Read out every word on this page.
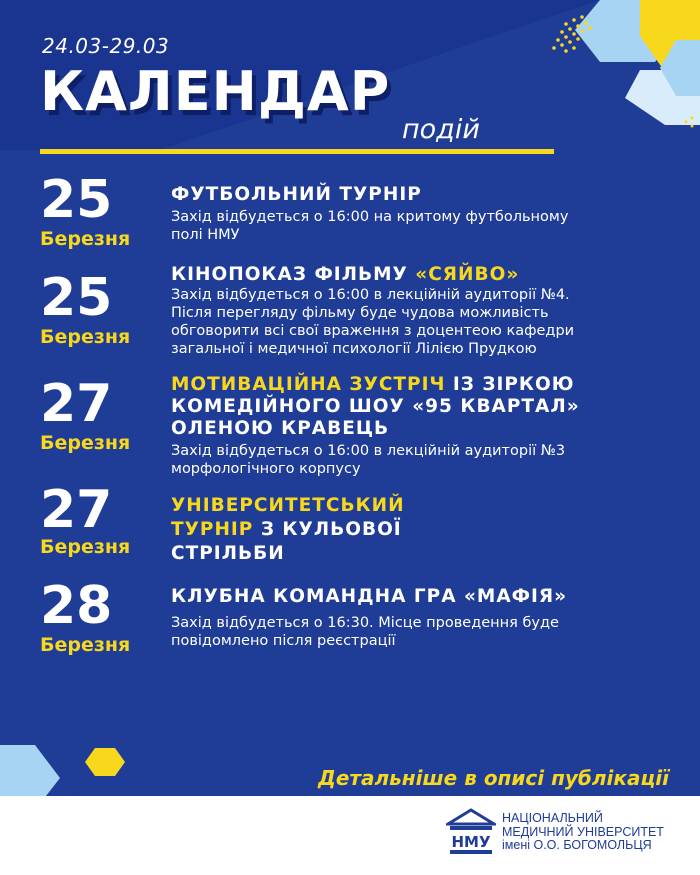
24.03-29.03
КАЛЕНДАР
подій
25
Березня
ФУТБОЛЬНИЙ ТУРНІР
Захід відбудеться о 16:00 на критому футбольному полі НМУ
25
Березня
КІНОПОКАЗ ФІЛЬМУ «СЯЙВО»
Захід відбудеться о 16:00 в лекційній аудиторії №4. Після перегляду фільму буде чудова можливість обговорити всі свої враження з доцентеою кафедри загальної і медичної психології Лілією Прудкою
27
Березня
МОТИВАЦІЙНА ЗУСТРІЧ ІЗ ЗІРКОЮ КОМЕДІЙНОГО ШОУ «95 КВАРТАЛ» ОЛЕНОЮ КРАВЕЦЬ
Захід відбудеться о 16:00 в лекційній аудиторії №3 морфологічного корпусу
27
Березня
УНІВЕРСИТЕТСЬКИЙ ТУРНІР З КУЛЬОВОЇ СТРІЛЬБИ
28
Березня
КЛУБНА КОМАНДНА ГРА «МАФІЯ»
Захід відбудеться о 16:30. Місце проведення буде повідомлено після реєстрації
Детальніше в описі публікації
НМУ
НАЦІОНАЛЬНИЙ
МЕДИЧНИЙ УНІВЕРСИТЕТ
імені О.О. БОГОМОЛЬЦЯ
